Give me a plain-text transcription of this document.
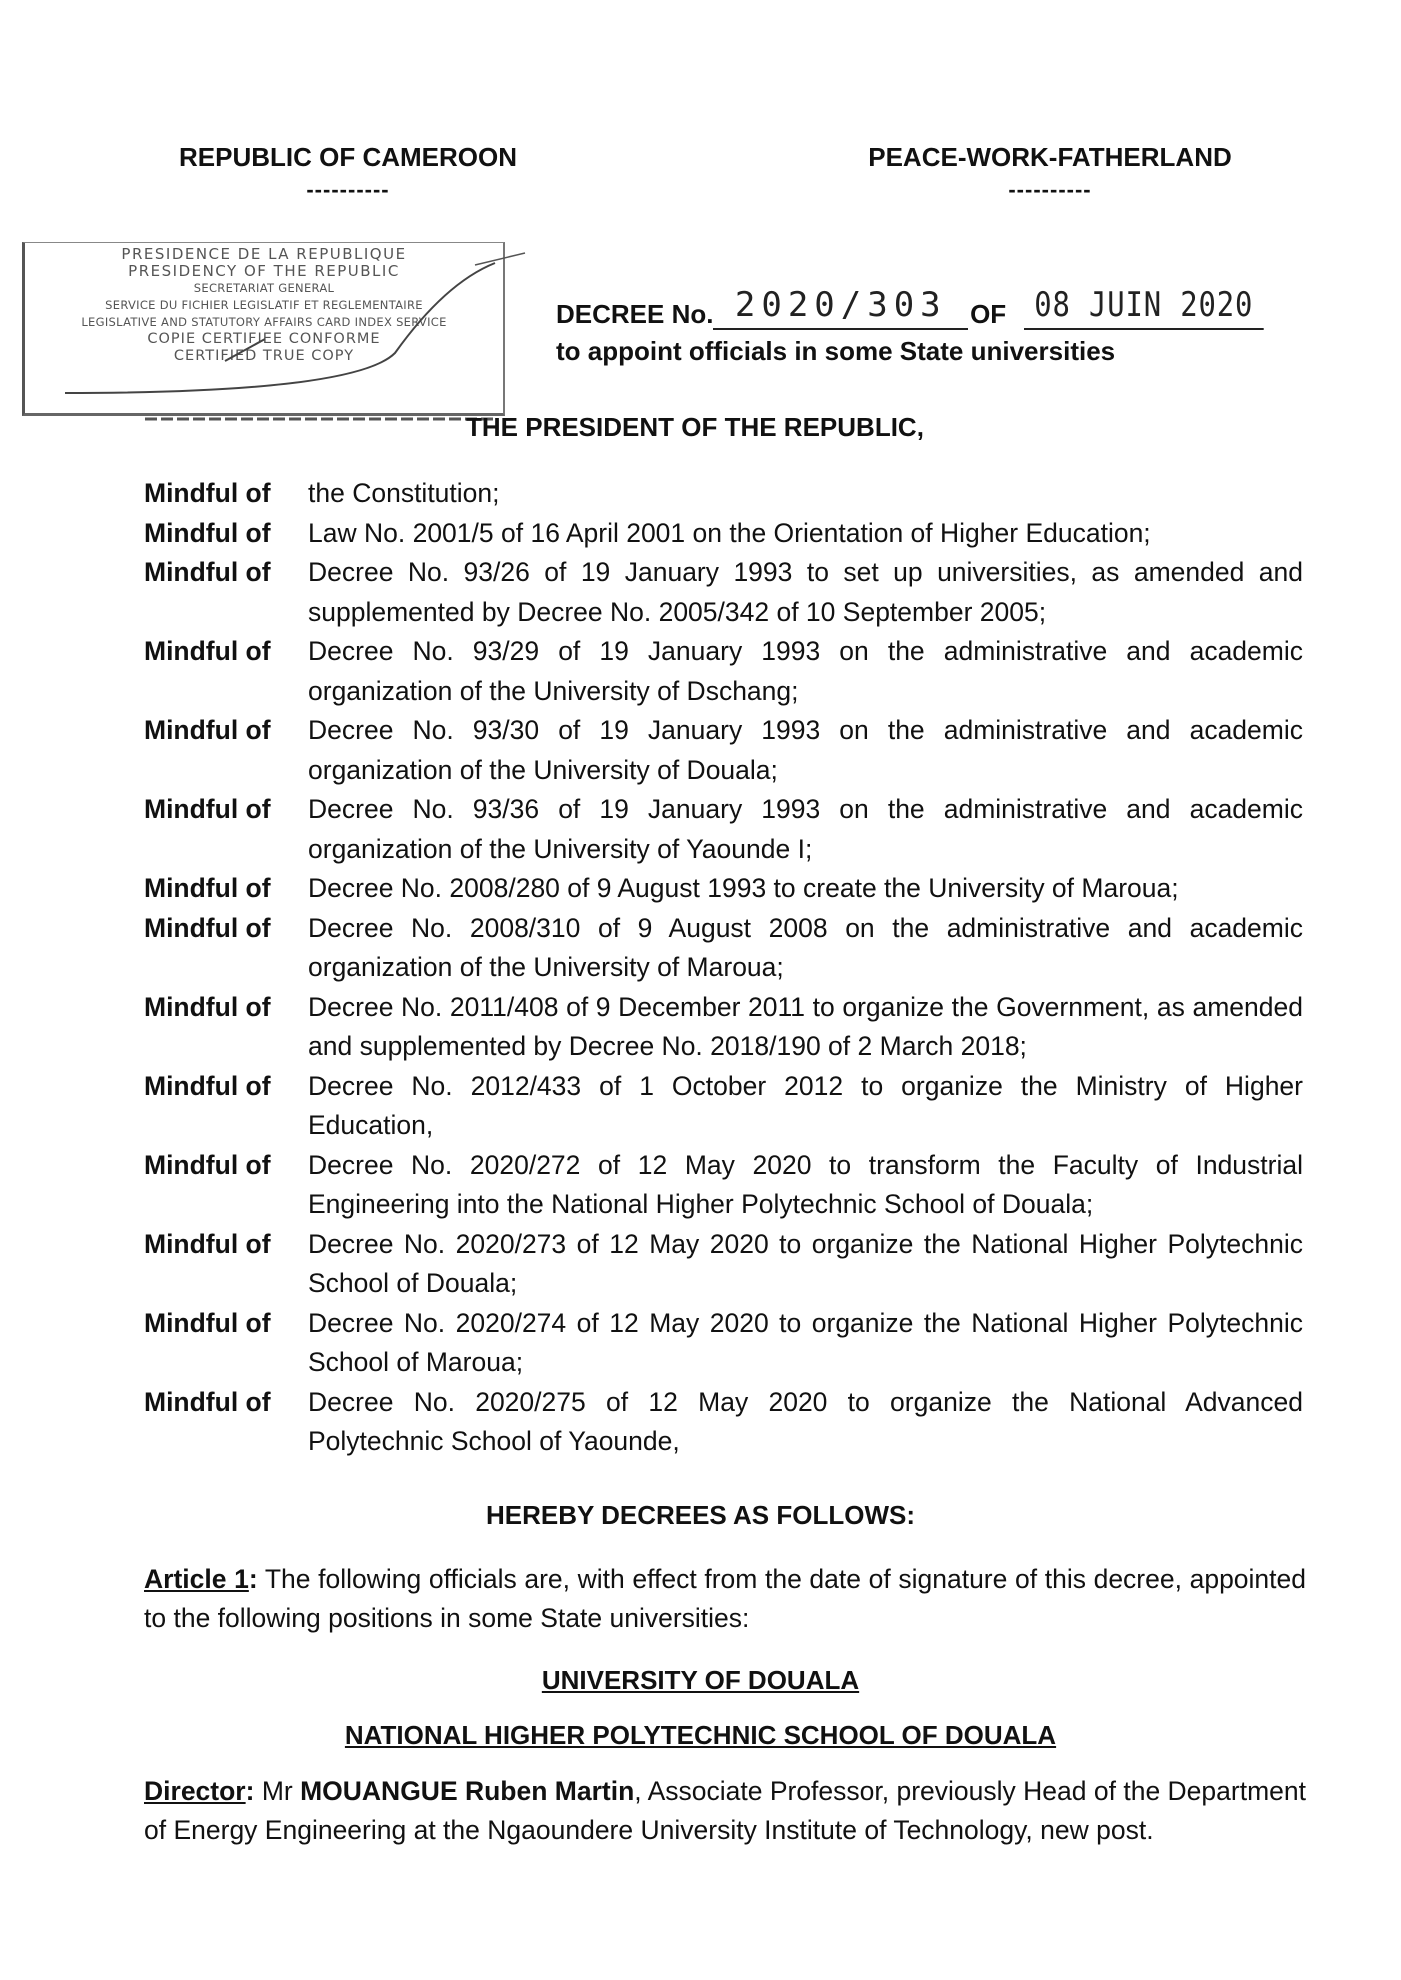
REPUBLIC OF CAMEROON
----------
PEACE-WORK-FATHERLAND
----------
PRESIDENCE DE LA REPUBLIQUE
PRESIDENCY OF THE REPUBLIC
SECRETARIAT GENERAL
SERVICE DU FICHIER LEGISLATIF ET REGLEMENTAIRE
LEGISLATIVE AND STATUTORY AFFAIRS CARD INDEX SERVICE
COPIE CERTIFIEE CONFORME
CERTIFIED TRUE COPY
DECREE No. 2020/303 OF 08 JUIN 2020
to appoint officials in some State universities
THE PRESIDENT OF THE REPUBLIC,
Mindful of	the Constitution;
Mindful of	Law No. 2001/5 of 16 April 2001 on the Orientation of Higher Education;
Mindful of	Decree No. 93/26 of 19 January 1993 to set up universities, as amended and supplemented by Decree No. 2005/342 of 10 September 2005;
Mindful of	Decree No. 93/29 of 19 January 1993 on the administrative and academic organization of the University of Dschang;
Mindful of	Decree No. 93/30 of 19 January 1993 on the administrative and academic organization of the University of Douala;
Mindful of	Decree No. 93/36 of 19 January 1993 on the administrative and academic organization of the University of Yaounde I;
Mindful of	Decree No. 2008/280 of 9 August 1993 to create the University of Maroua;
Mindful of	Decree No. 2008/310 of 9 August 2008 on the administrative and academic organization of the University of Maroua;
Mindful of	Decree No. 2011/408 of 9 December 2011 to organize the Government, as amended and supplemented by Decree No. 2018/190 of 2 March 2018;
Mindful of	Decree No. 2012/433 of 1 October 2012 to organize the Ministry of Higher Education,
Mindful of	Decree No. 2020/272 of 12 May 2020 to transform the Faculty of Industrial Engineering into the National Higher Polytechnic School of Douala;
Mindful of	Decree No. 2020/273 of 12 May 2020 to organize the National Higher Polytechnic School of Douala;
Mindful of	Decree No. 2020/274 of 12 May 2020 to organize the National Higher Polytechnic School of Maroua;
Mindful of	Decree No. 2020/275 of 12 May 2020 to organize the National Advanced Polytechnic School of Yaounde,
HEREBY DECREES AS FOLLOWS:
Article 1: The following officials are, with effect from the date of signature of this decree, appointed to the following positions in some State universities:
UNIVERSITY OF DOUALA
NATIONAL HIGHER POLYTECHNIC SCHOOL OF DOUALA
Director: Mr MOUANGUE Ruben Martin, Associate Professor, previously Head of the Department of Energy Engineering at the Ngaoundere University Institute of Technology, new post.
